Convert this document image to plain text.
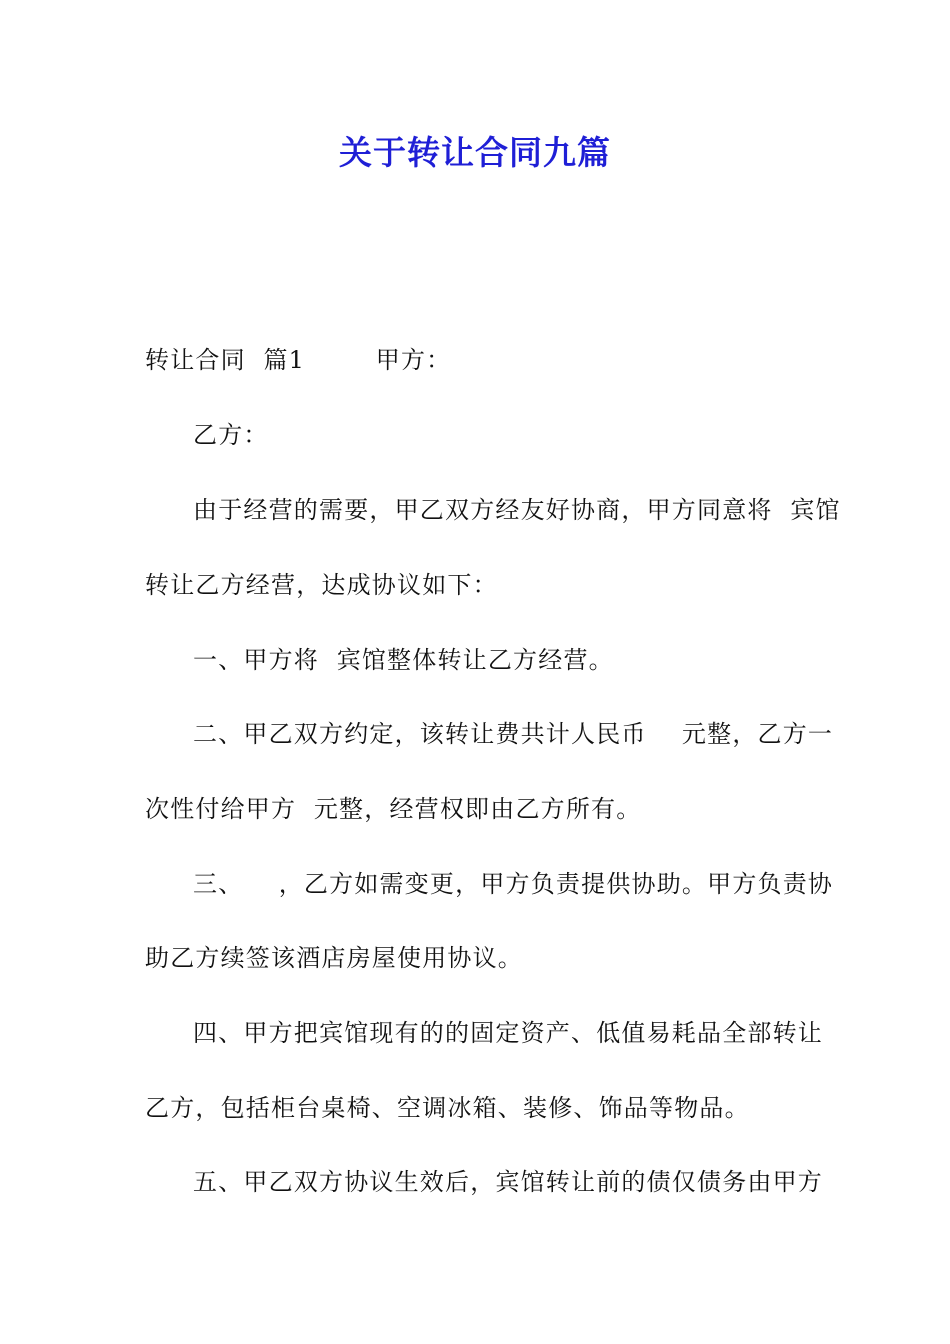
关于转让合同九篇
转让合同  篇1        甲方：
乙方：
由于经营的需要，甲乙双方经友好协商，甲方同意将  宾馆
转让乙方经营，达成协议如下：
一、甲方将  宾馆整体转让乙方经营。
二、甲乙双方约定，该转让费共计人民币    元整，乙方一
次性付给甲方  元整，经营权即由乙方所有。
三、    ，乙方如需变更，甲方负责提供协助。甲方负责协
助乙方续签该酒店房屋使用协议。
四、甲方把宾馆现有的的固定资产、低值易耗品全部转让
乙方，包括柜台桌椅、空调冰箱、装修、饰品等物品。
五、甲乙双方协议生效后，宾馆转让前的债仅债务由甲方
